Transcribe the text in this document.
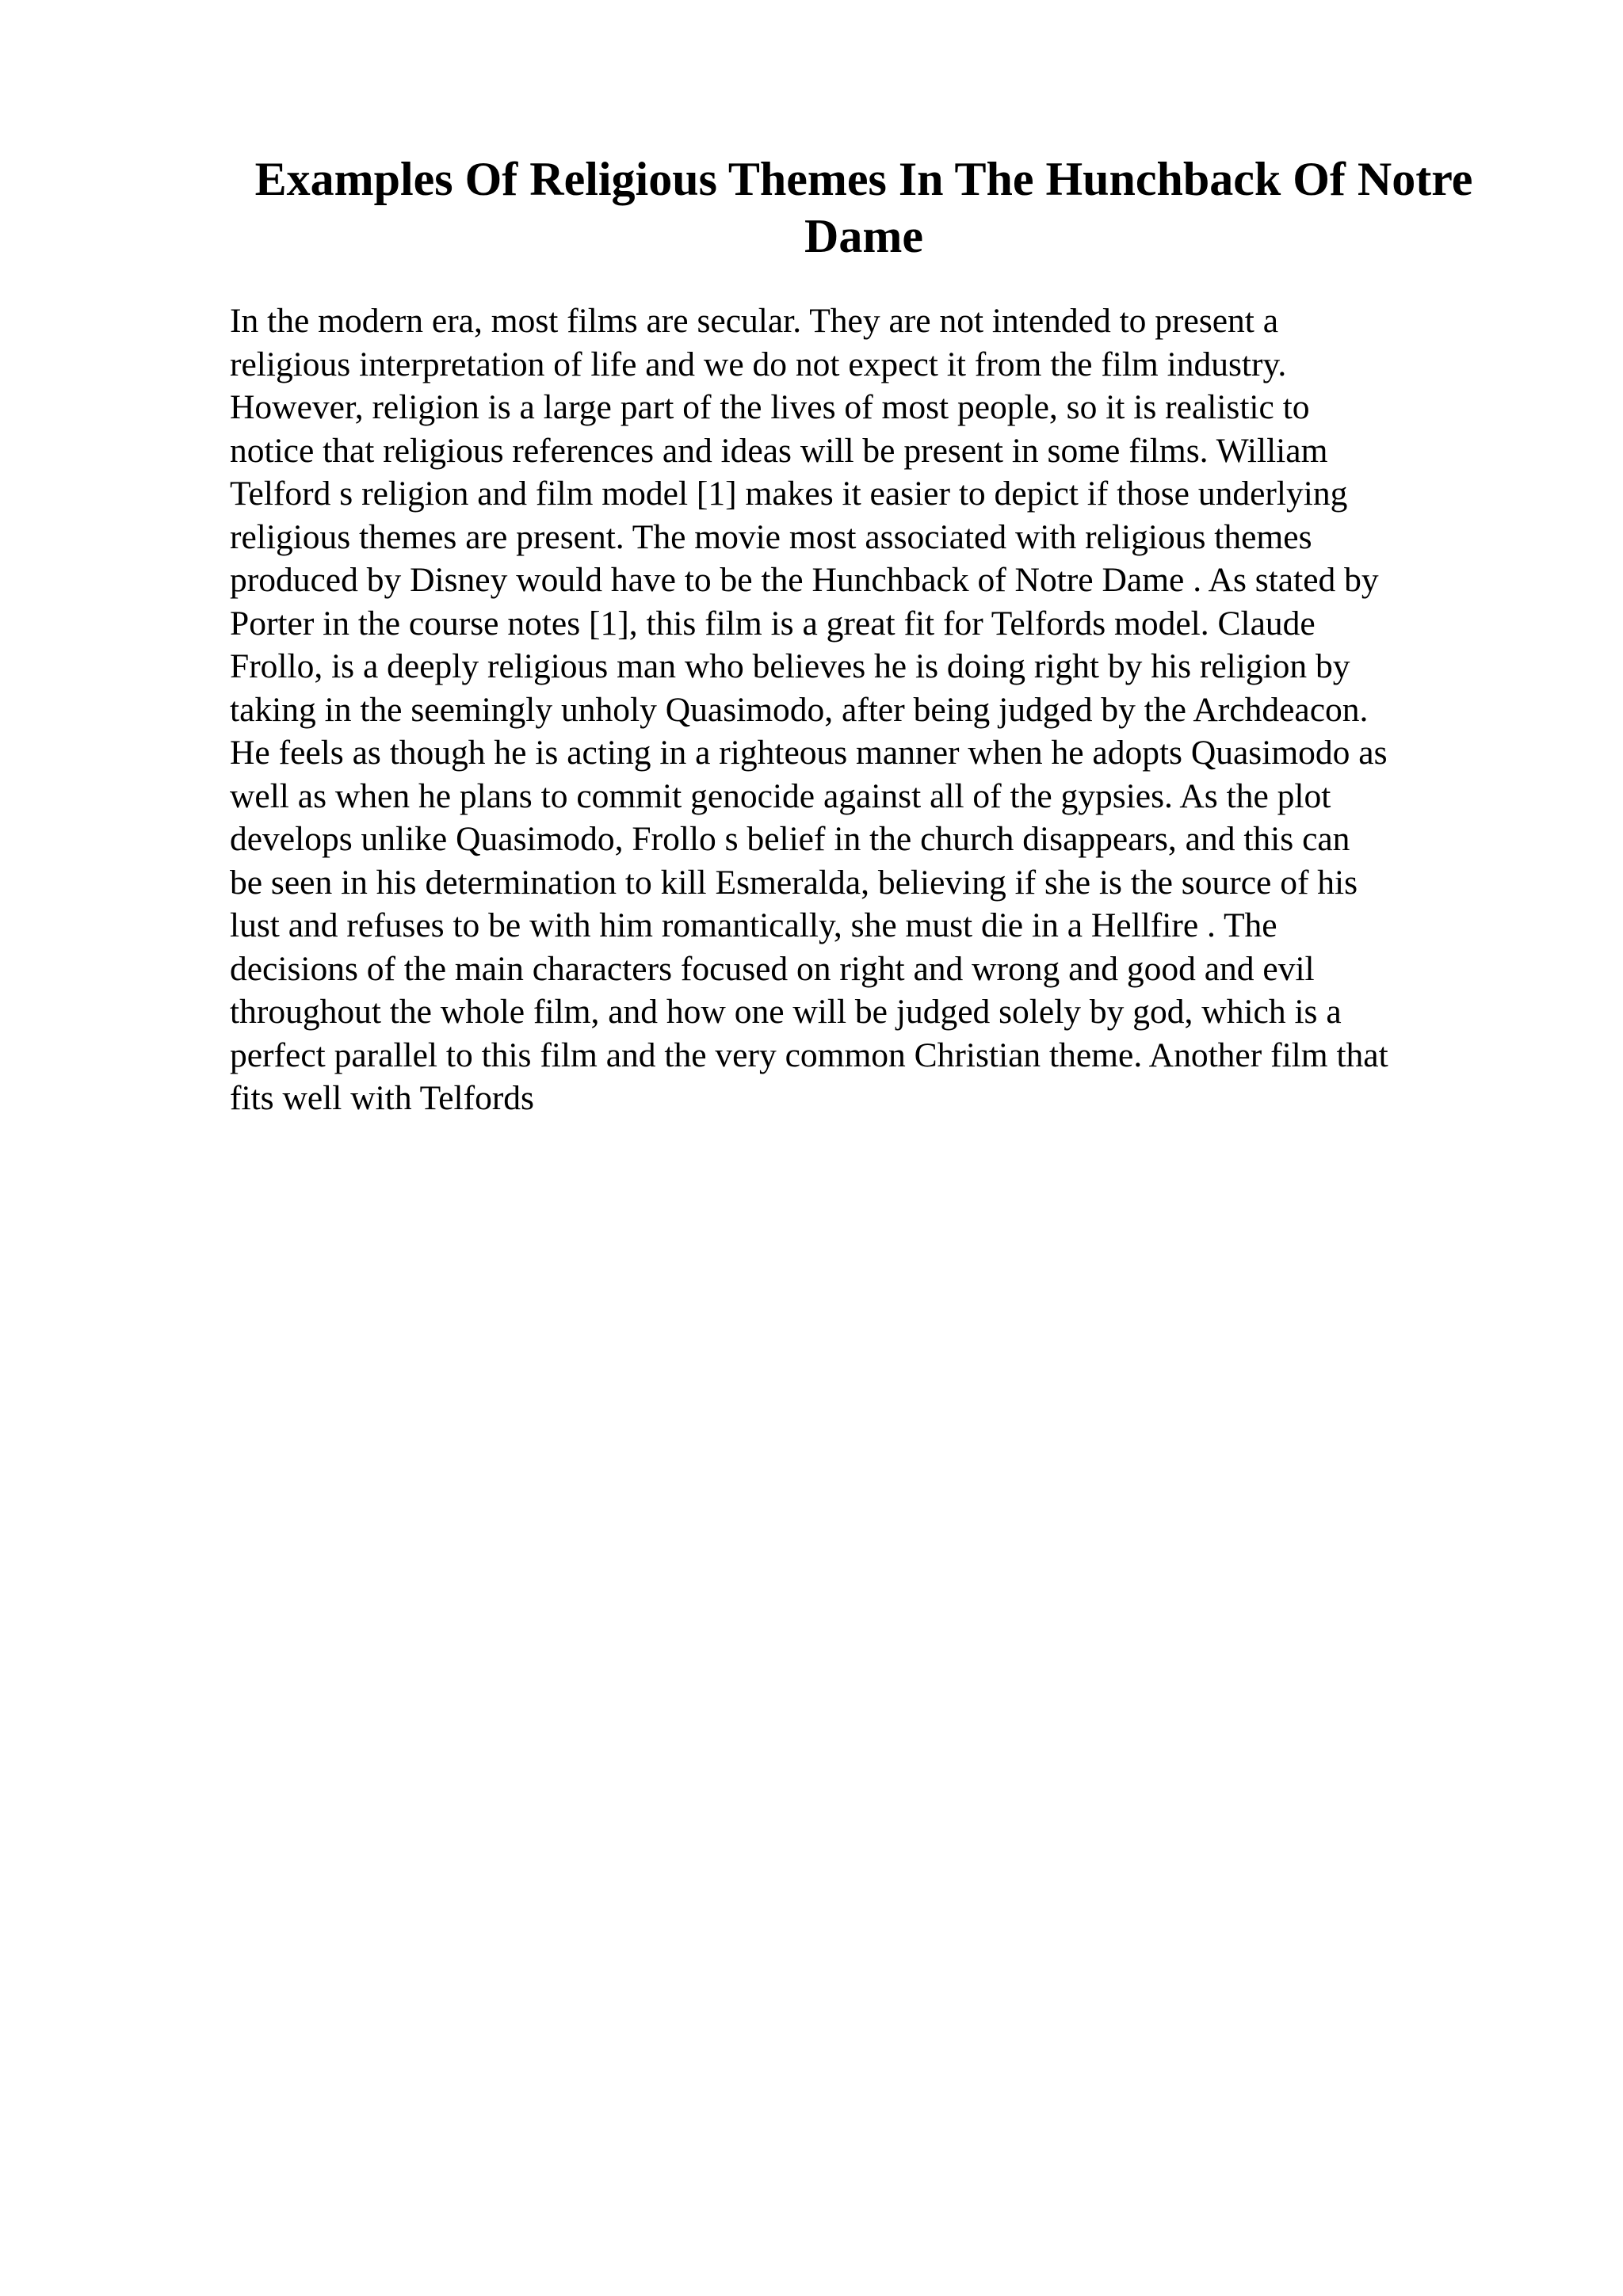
Examples Of Religious Themes In The Hunchback Of Notre
Dame

In the modern era, most films are secular. They are not intended to present a
religious interpretation of life and we do not expect it from the film industry.
However, religion is a large part of the lives of most people, so it is realistic to
notice that religious references and ideas will be present in some films. William
Telford s religion and film model [1] makes it easier to depict if those underlying
religious themes are present. The movie most associated with religious themes
produced by Disney would have to be the Hunchback of Notre Dame . As stated by
Porter in the course notes [1], this film is a great fit for Telfords model. Claude
Frollo, is a deeply religious man who believes he is doing right by his religion by
taking in the seemingly unholy Quasimodo, after being judged by the Archdeacon.
He feels as though he is acting in a righteous manner when he adopts Quasimodo as
well as when he plans to commit genocide against all of the gypsies. As the plot
develops unlike Quasimodo, Frollo s belief in the church disappears, and this can
be seen in his determination to kill Esmeralda, believing if she is the source of his
lust and refuses to be with him romantically, she must die in a Hellfire . The
decisions of the main characters focused on right and wrong and good and evil
throughout the whole film, and how one will be judged solely by god, which is a
perfect parallel to this film and the very common Christian theme. Another film that
fits well with Telfords
